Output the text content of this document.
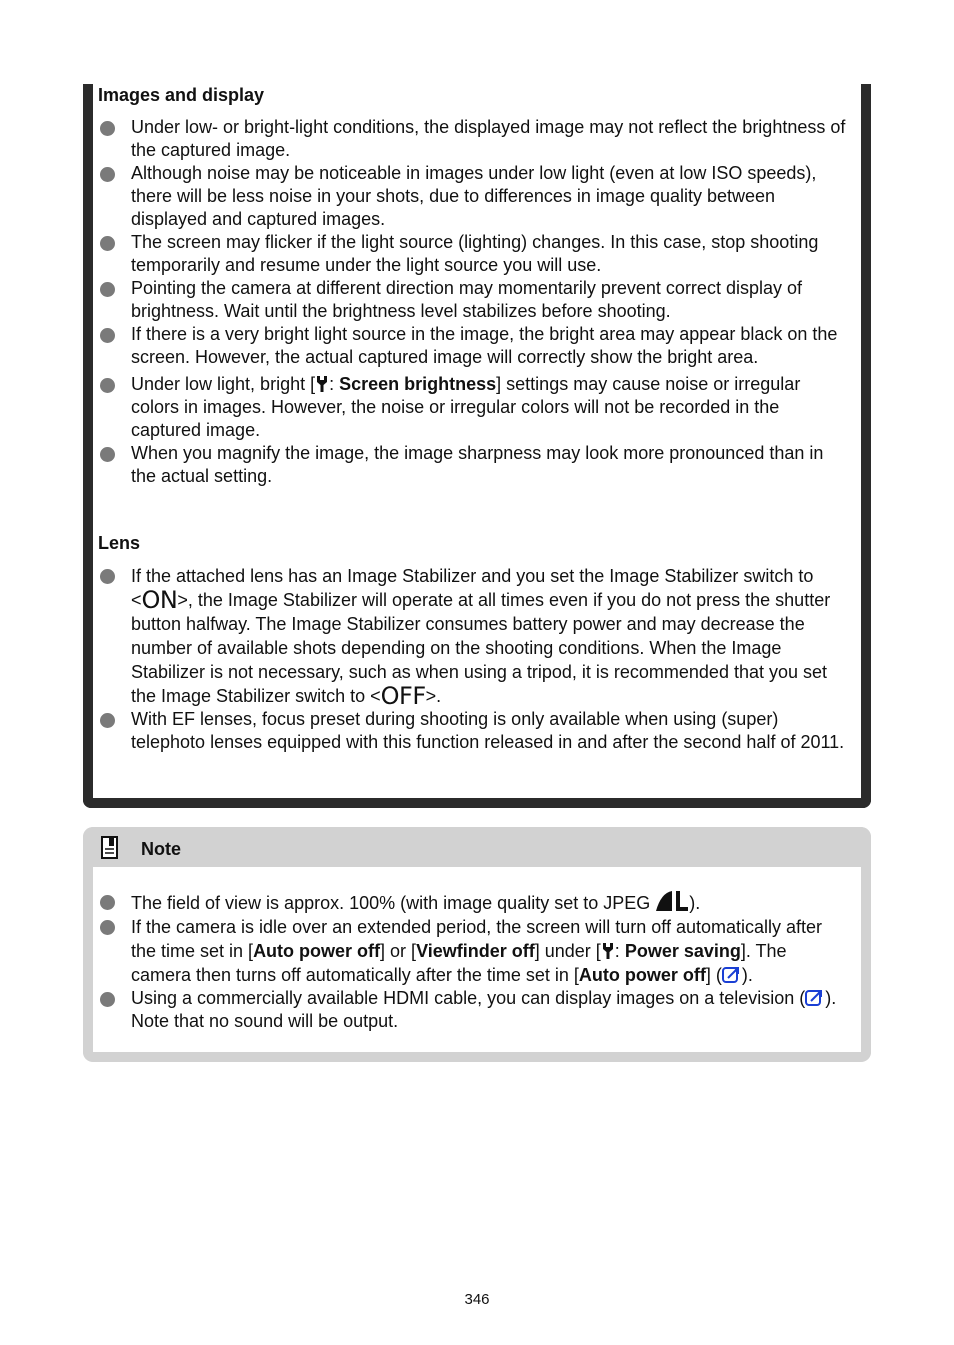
Images and display
Under low- or bright-light conditions, the displayed image may not reflect the brightness of the captured image.
Although noise may be noticeable in images under low light (even at low ISO speeds), there will be less noise in your shots, due to differences in image quality between displayed and captured images.
The screen may flicker if the light source (lighting) changes. In this case, stop shooting temporarily and resume under the light source you will use.
Pointing the camera at different direction may momentarily prevent correct display of brightness. Wait until the brightness level stabilizes before shooting.
If there is a very bright light source in the image, the bright area may appear black on the screen. However, the actual captured image will correctly show the bright area.
Under low light, bright [ : Screen brightness] settings may cause noise or irregular colors in images. However, the noise or irregular colors will not be recorded in the captured image.
When you magnify the image, the image sharpness may look more pronounced than in the actual setting.
Lens
If the attached lens has an Image Stabilizer and you set the Image Stabilizer switch to <ON>, the Image Stabilizer will operate at all times even if you do not press the shutter button halfway. The Image Stabilizer consumes battery power and may decrease the number of available shots depending on the shooting conditions. When the Image Stabilizer is not necessary, such as when using a tripod, it is recommended that you set the Image Stabilizer switch to <OFF>.
With EF lenses, focus preset during shooting is only available when using (super) telephoto lenses equipped with this function released in and after the second half of 2011.
Note
The field of view is approx. 100% (with image quality set to JPEG ).
If the camera is idle over an extended period, the screen will turn off automatically after the time set in [Auto power off] or [Viewfinder off] under [ : Power saving]. The camera then turns off automatically after the time set in [Auto power off] ( ).
Using a commercially available HDMI cable, you can display images on a television ( ). Note that no sound will be output.
346
